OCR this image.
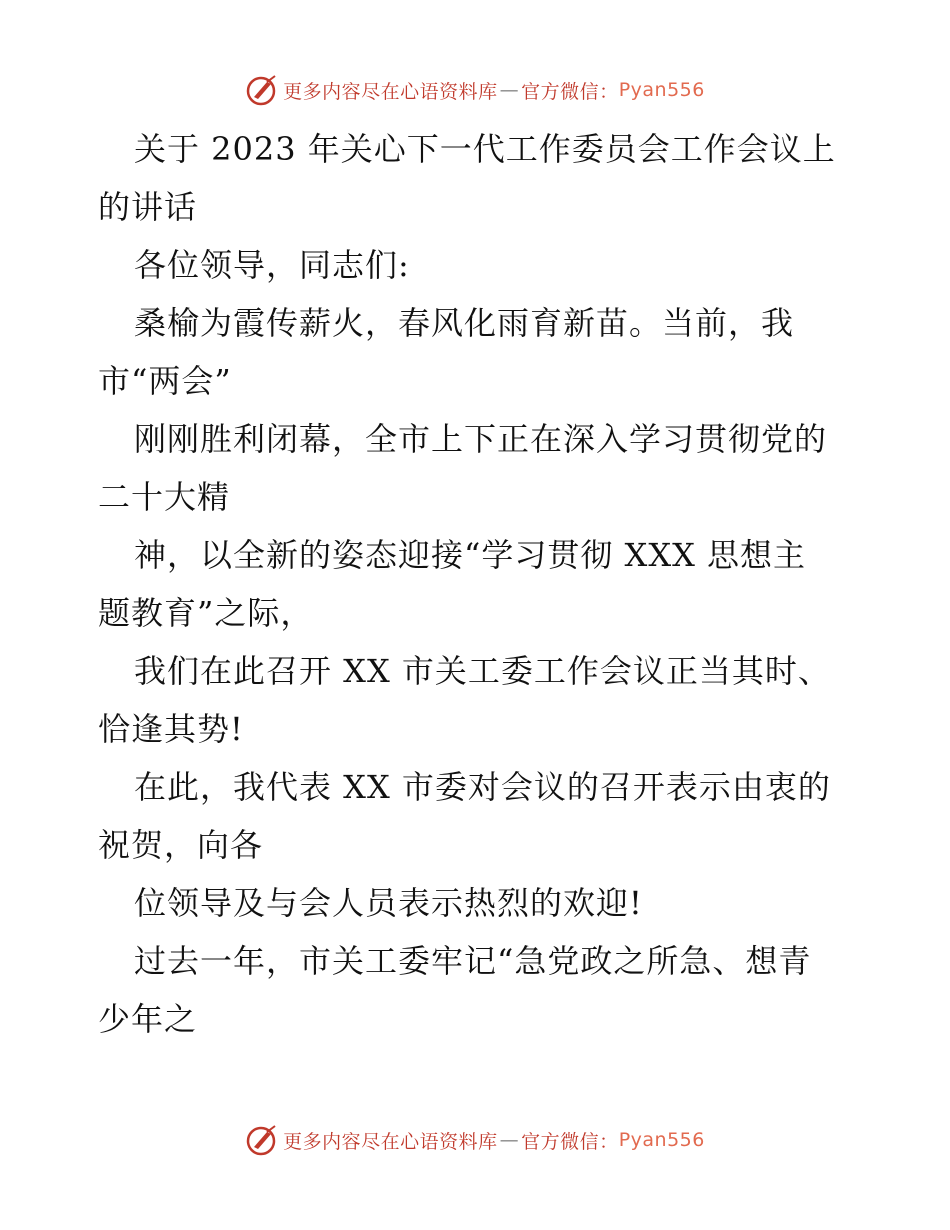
更多内容尽在心语资料库 — 官方微信： Pyan556

关于 2023 年关心下一代工作委员会工作会议上

的讲话

各位领导，同志们:

桑榆为霞传薪火，春风化雨育新苗。当前，我

市“两会”

刚刚胜利闭幕，全市上下正在深入学习贯彻党的

二十大精

神，以全新的姿态迎接“学习贯彻 XXX 思想主

题教育”之际，

我们在此召开 XX 市关工委工作会议正当其时、

恰逢其势!

在此，我代表 XX 市委对会议的召开表示由衷的

祝贺，向各

位领导及与会人员表示热烈的欢迎!

过去一年，市关工委牢记“急党政之所急、想青

少年之

更多内容尽在心语资料库 — 官方微信： Pyan556
